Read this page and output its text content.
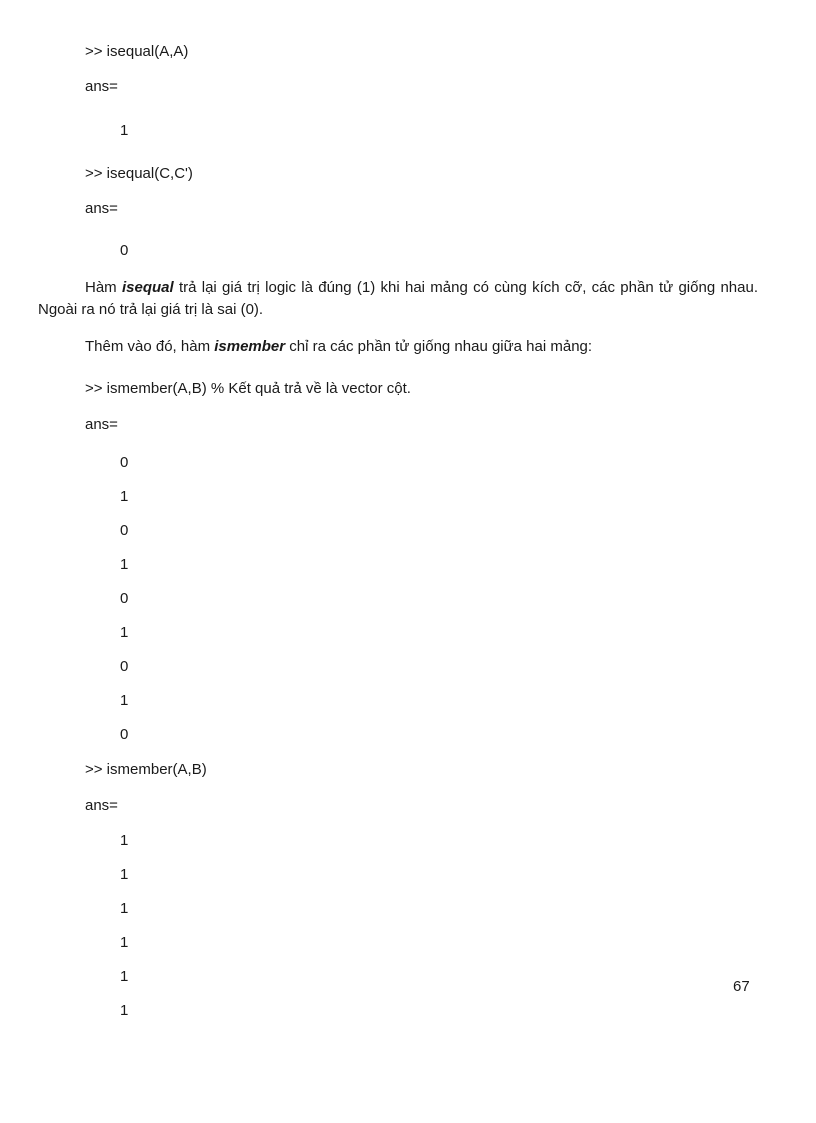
>> isequal(A,A)
ans=
1
>> isequal(C,C')
ans=
0
Hàm isequal trả lại giá trị logic là đúng (1) khi hai mảng có cùng kích cỡ, các phần tử giống nhau. Ngoài ra nó trả lại giá trị là sai (0).
Thêm vào đó, hàm ismember chỉ ra các phần tử giống nhau giữa hai mảng:
>> ismember(A,B) % Kết quả trả về là vector cột.
ans=
0
1
0
1
0
1
0
1
0
>> ismember(A,B)
ans=
1
1
1
1
1
1
67
